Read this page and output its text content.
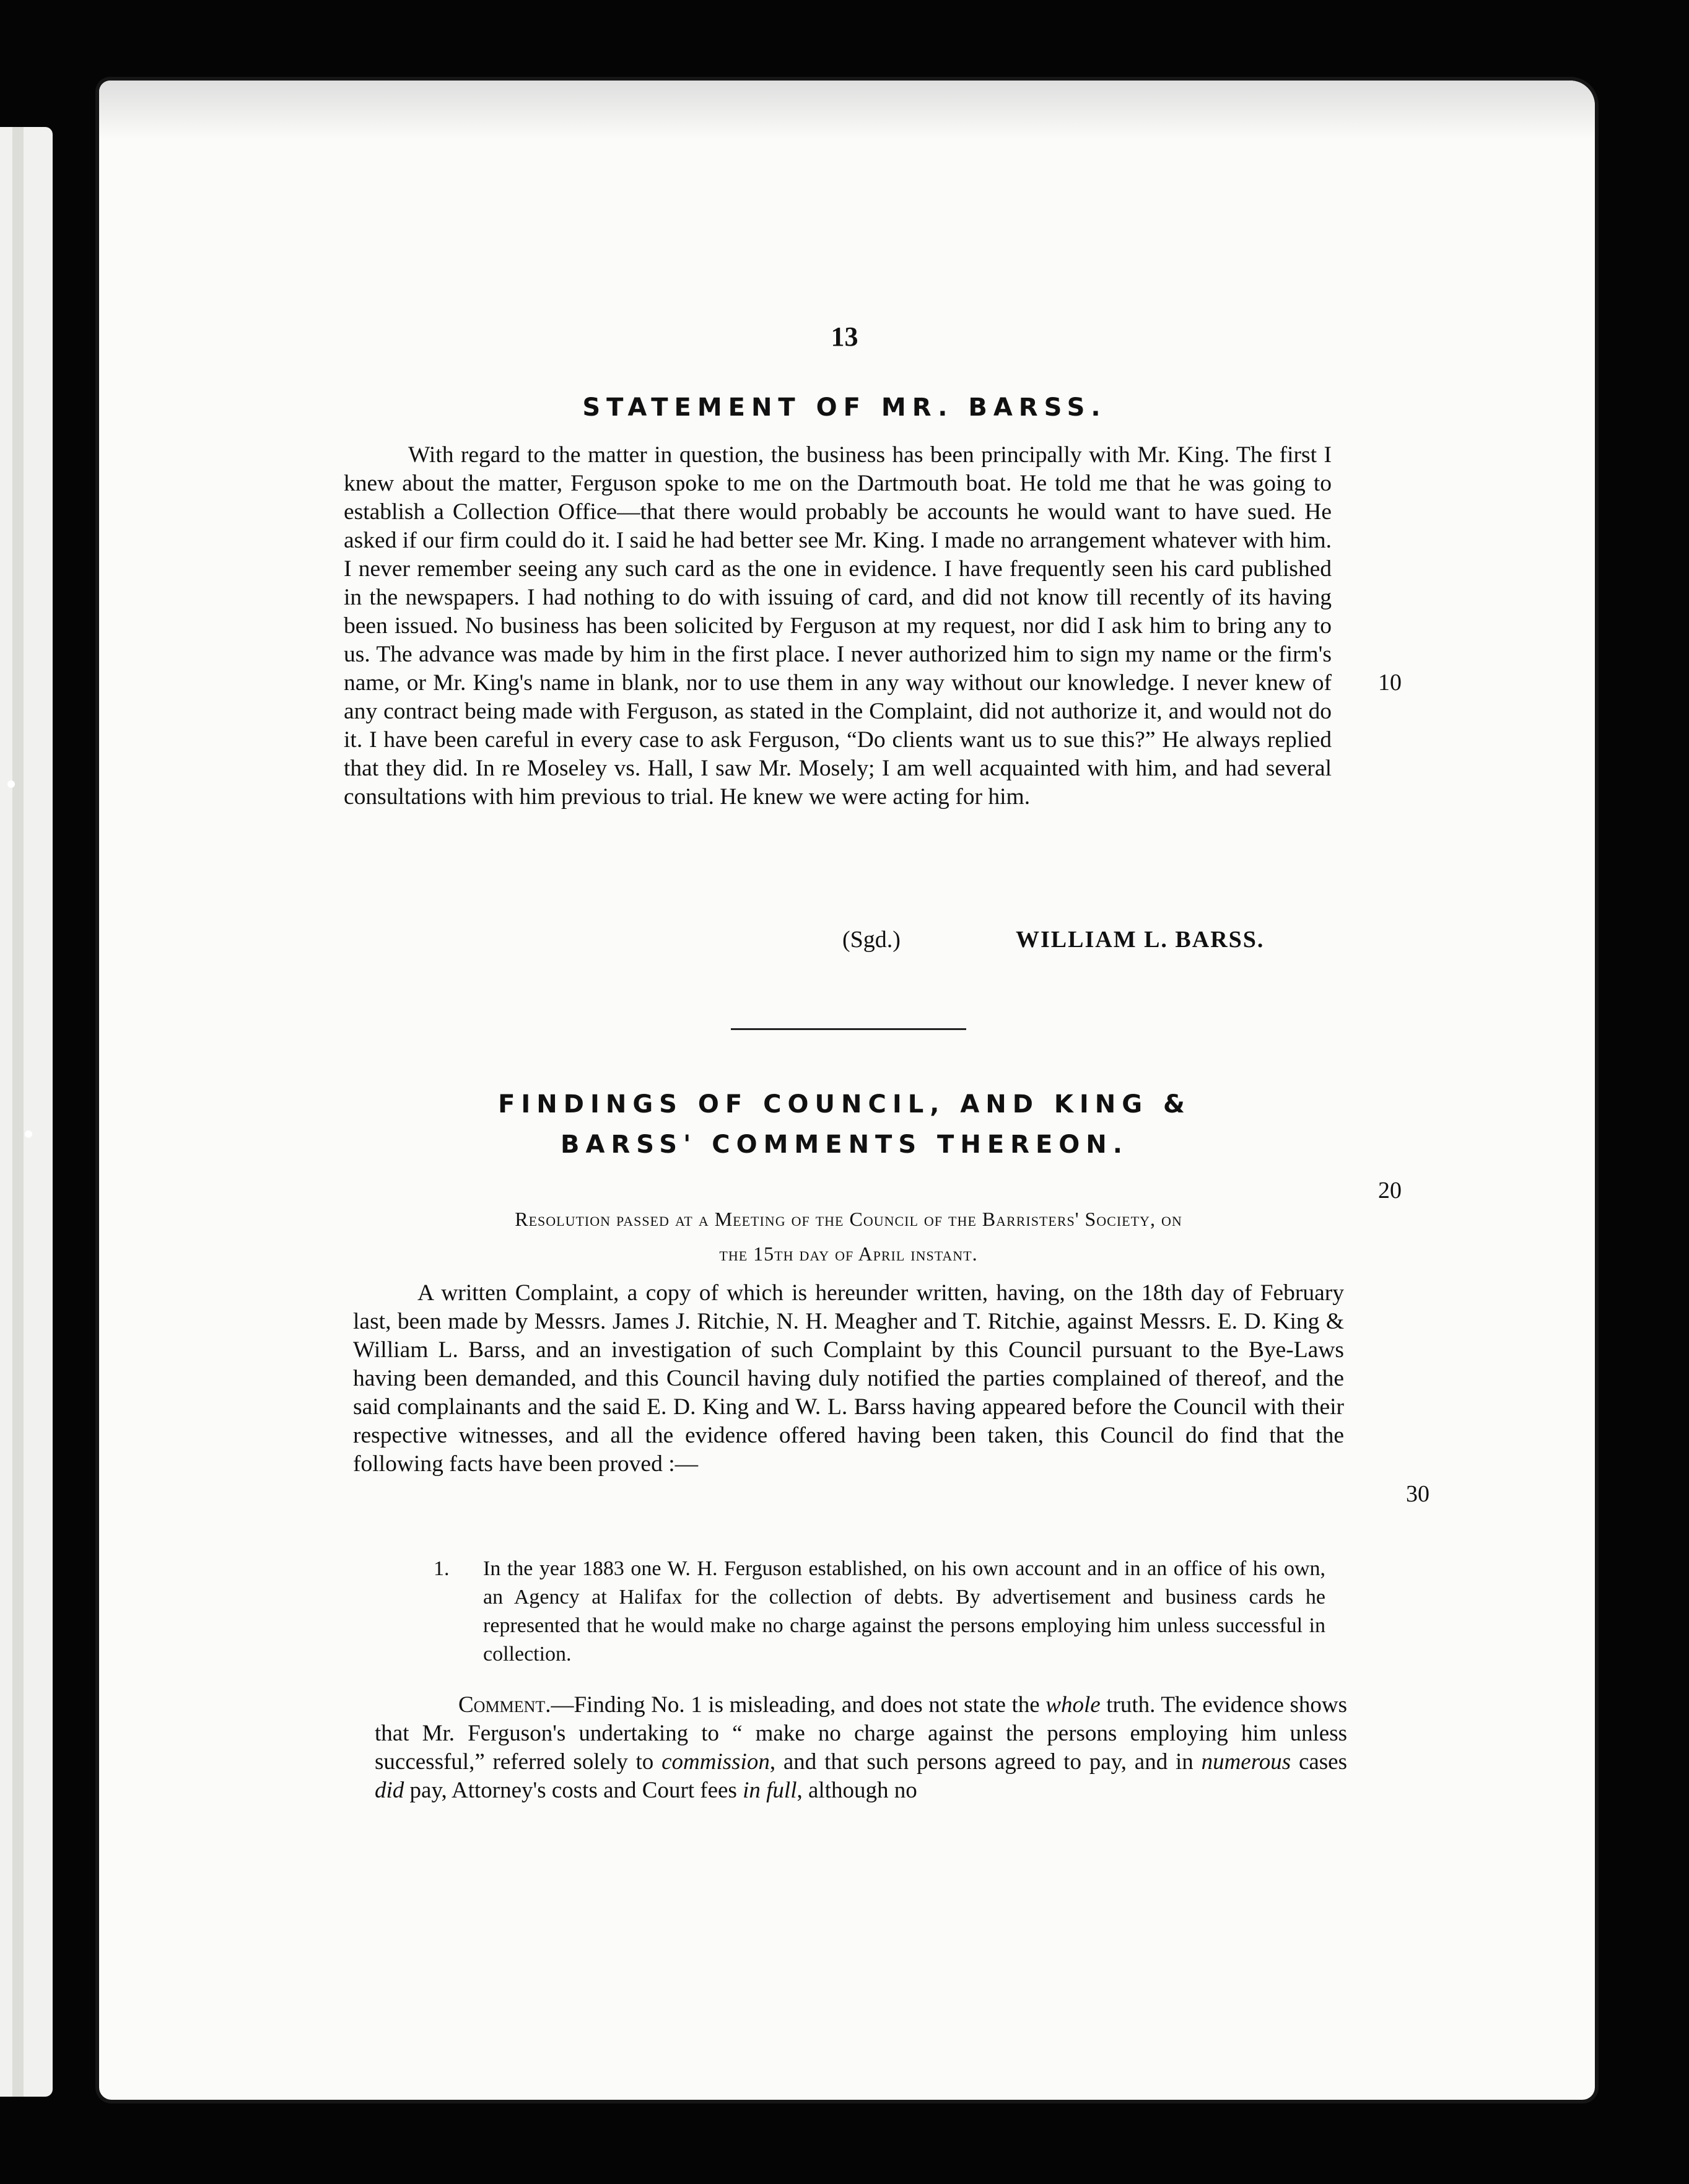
13
STATEMENT OF MR. BARSS.

With regard to the matter in question, the business has been principally with Mr. King. The first I knew about the matter, Ferguson spoke to me on the Dartmouth boat. He told me that he was going to establish a Collection Office—that there would probably be accounts he would want to have sued. He asked if our firm could do it. I said he had better see Mr. King. I made no arrangement whatever with him. I never remember seeing any such card as the one in evidence. I have frequently seen his card published in the newspapers. I had nothing to do with issuing of card, and did not know till recently of its having been issued. No business has been solicited by Ferguson at my request, nor did I ask him to bring any to us. The advance was made by him in the first place. I never authorized him to sign my name or the firm's name, or Mr. King's name in blank, nor to use them in any way without our knowledge. I never knew of any contract being made with Ferguson, as stated in the Complaint, did not authorize it, and would not do it. I have been careful in every case to ask Ferguson, “Do clients want us to sue this?” He always replied that they did. In re Moseley vs. Hall, I saw Mr. Mosely; I am well acquainted with him, and had several consultations with him previous to trial. He knew we were acting for him.

10
(Sgd.)	WILLIAM L. BARSS.
FINDINGS OF COUNCIL, AND KING &
BARSS' COMMENTS THEREON.
Resolution passed at a Meeting of the Council of the Barristers' Society, on
the 15th day of April instant.
20

A written Complaint, a copy of which is hereunder written, having, on the 18th day of February last, been made by Messrs. James J. Ritchie, N. H. Meagher and T. Ritchie, against Messrs. E. D. King & William L. Barss, and an investigation of such Complaint by this Council pursuant to the Bye-Laws having been demanded, and this Council having duly notified the parties complained of thereof, and the said complainants and the said E. D. King and W. L. Barss having appeared before the Council with their respective witnesses, and all the evidence offered having been taken, this Council do find that the following facts have been proved :—

30
1. In the year 1883 one W. H. Ferguson established, on his own account and in an office of his own, an Agency at Halifax for the collection of debts. By advertisement and business cards he represented that he would make no charge against the persons employing him unless successful in collection.

Comment.—Finding No. 1 is misleading, and does not state the whole truth. The evidence shows that Mr. Ferguson's undertaking to “ make no charge against the persons employing him unless successful,” referred solely to commission, and that such persons agreed to pay, and in numerous cases did pay, Attorney's costs and Court fees in full, although no
